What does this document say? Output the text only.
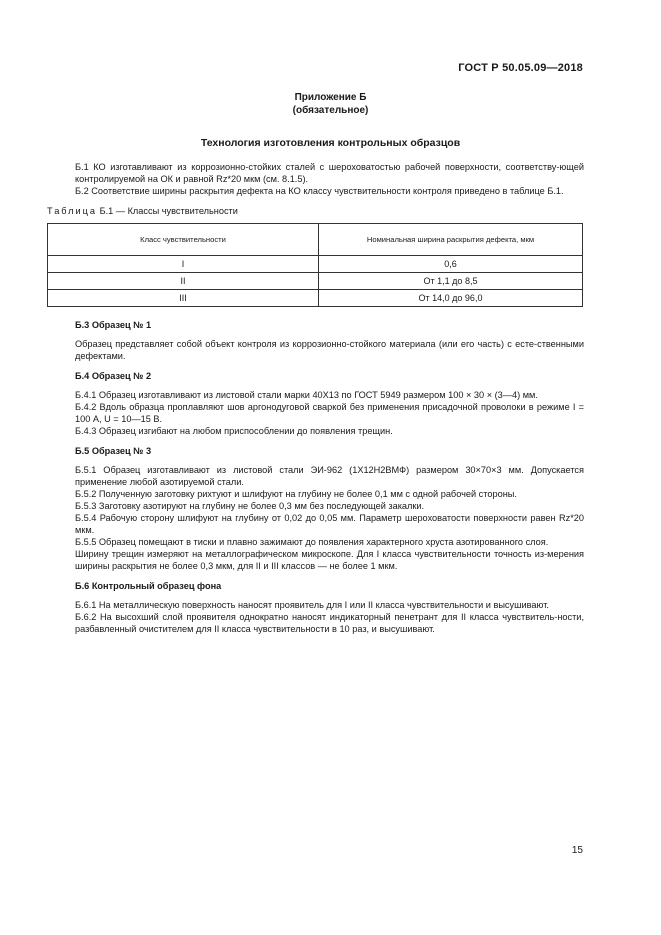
ГОСТ Р 50.05.09—2018
Приложение Б
(обязательное)
Технология изготовления контрольных образцов

Б.1 КО изготавливают из коррозионно-стойких сталей с шероховатостью рабочей поверхности, соответству-ющей контролируемой на ОК и равной Rz*20 мкм (см. 8.1.5).

Б.2 Соответствие ширины раскрытия дефекта на КО классу чувствительности контроля приведено в таблице Б.1.

Таблица Б.1 — Классы чувствительности
Класс чувствительности	Номинальная ширина раскрытия дефекта, мкм
I	0,6
II	От 1,1 до 8,5
III	От 14,0 до 96,0

Б.3 Образец № 1

Образец представляет собой объект контроля из коррозионно-стойкого материала (или его часть) с есте-ственными дефектами.

Б.4 Образец № 2

Б.4.1 Образец изготавливают из листовой стали марки 40Х13 по ГОСТ 5949 размером 100 × 30 × (3—4) мм.

Б.4.2 Вдоль образца проплавляют шов аргонодуговой сваркой без применения присадочной проволоки в режиме I = 100 А, U = 10—15 В.

Б.4.3 Образец изгибают на любом приспособлении до появления трещин.

Б.5 Образец № 3

Б.5.1 Образец изготавливают из листовой стали ЭИ-962 (1Х12Н2ВМФ) размером 30×70×3 мм. Допускается применение любой азотируемой стали.

Б.5.2 Полученную заготовку рихтуют и шлифуют на глубину не более 0,1 мм с одной рабочей стороны.

Б.5.3 Заготовку азотируют на глубину не более 0,3 мм без последующей закалки.

Б.5.4 Рабочую сторону шлифуют на глубину от 0,02 до 0,05 мм. Параметр шероховатости поверхности равен Rz*20 мкм.

Б.5.5 Образец помещают в тиски и плавно зажимают до появления характерного хруста азотированного слоя.

Ширину трещин измеряют на металлографическом микроскопе. Для I класса чувствительности точность из-мерения ширины раскрытия не более 0,3 мкм, для II и III классов — не более 1 мкм.

Б.6 Контрольный образец фона

Б.6.1 На металлическую поверхность наносят проявитель для I или II класса чувствительности и высушивают.

Б.6.2 На высохший слой проявителя однократно наносят индикаторный пенетрант для II класса чувствитель-ности, разбавленный очистителем для II класса чувствительности в 10 раз, и высушивают.

15
